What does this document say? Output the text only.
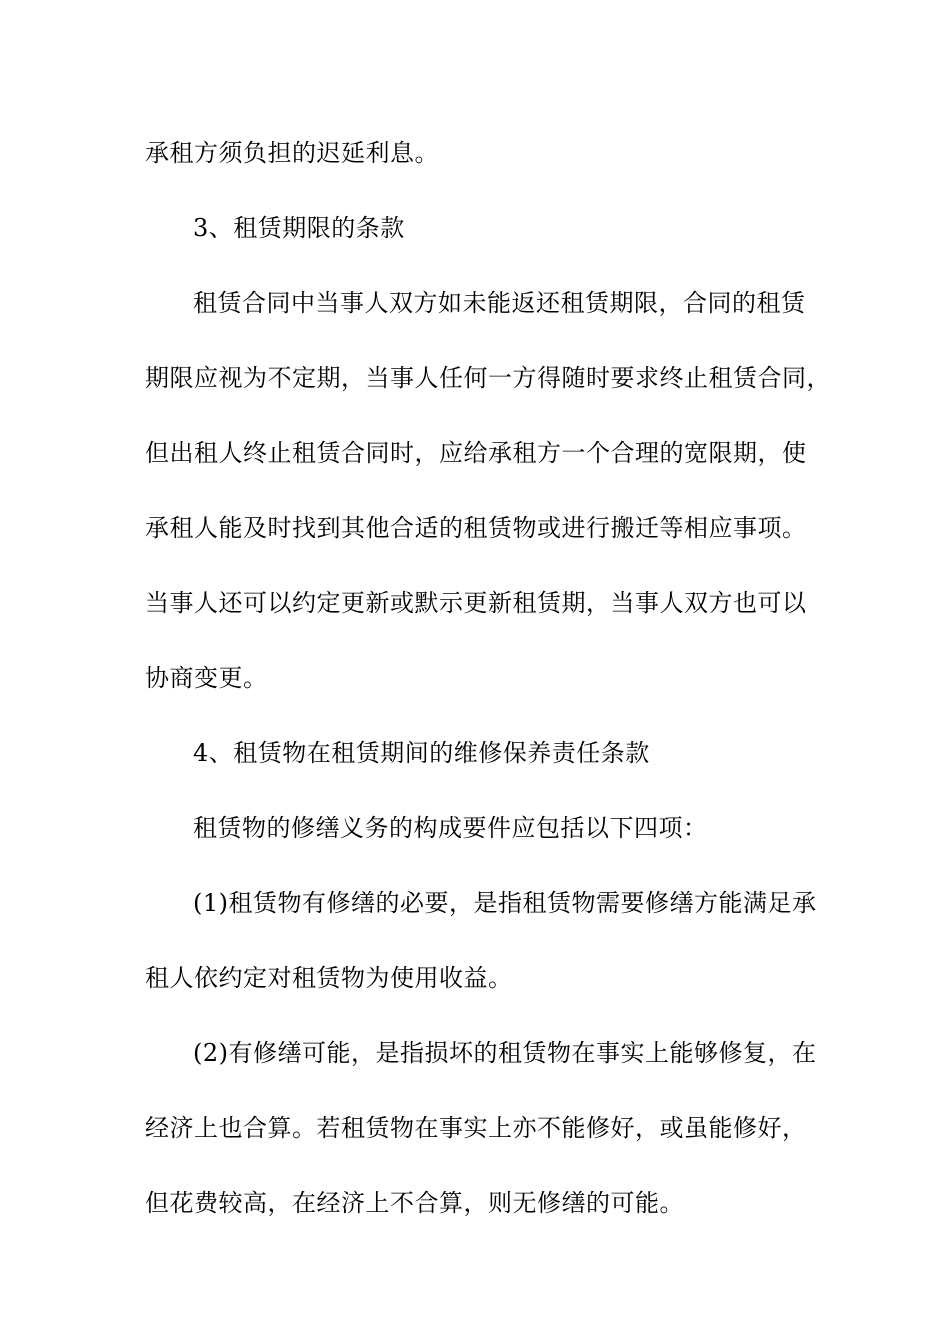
承租方须负担的迟延利息。
3、租赁期限的条款
租赁合同中当事人双方如未能返还租赁期限，合同的租赁
期限应视为不定期，当事人任何一方得随时要求终止租赁合同，
但出租人终止租赁合同时，应给承租方一个合理的宽限期，使
承租人能及时找到其他合适的租赁物或进行搬迁等相应事项。
当事人还可以约定更新或默示更新租赁期，当事人双方也可以
协商变更。
4、租赁物在租赁期间的维修保养责任条款
租赁物的修缮义务的构成要件应包括以下四项：
(1)租赁物有修缮的必要，是指租赁物需要修缮方能满足承
租人依约定对租赁物为使用收益。
(2)有修缮可能，是指损坏的租赁物在事实上能够修复，在
经济上也合算。若租赁物在事实上亦不能修好，或虽能修好，
但花费较高，在经济上不合算，则无修缮的可能。
